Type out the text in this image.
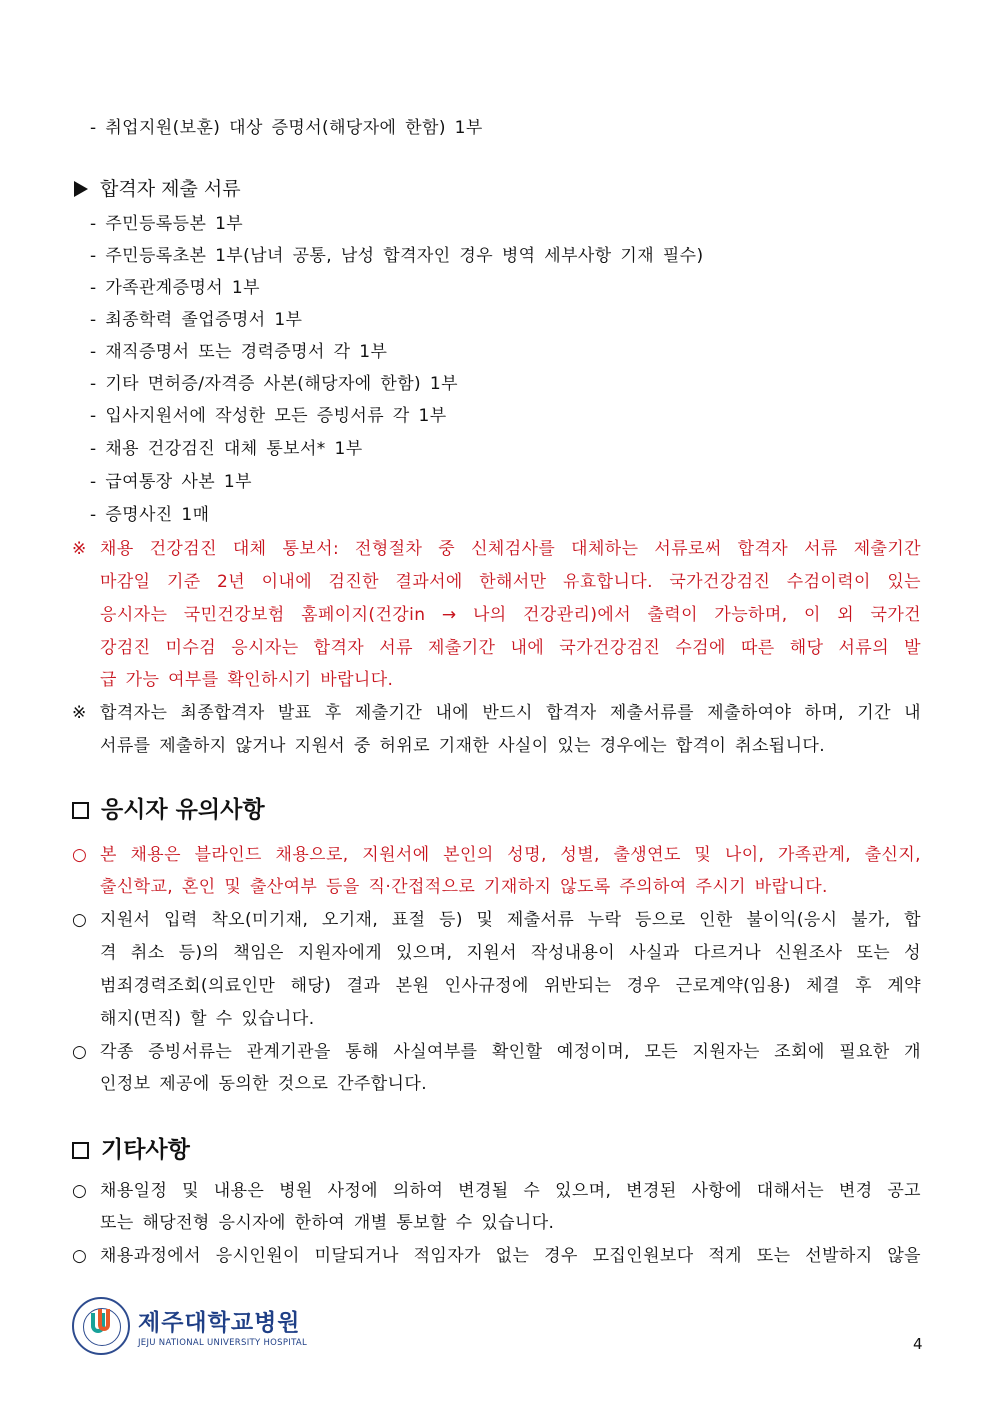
- 취업지원(보훈) 대상 증명서(해당자에 한함) 1부
합격자 제출 서류
- 주민등록등본 1부
- 주민등록초본 1부(남녀 공통, 남성 합격자인 경우 병역 세부사항 기재 필수)
- 가족관계증명서 1부
- 최종학력 졸업증명서 1부
- 재직증명서 또는 경력증명서 각 1부
- 기타 면허증/자격증 사본(해당자에 한함) 1부
- 입사지원서에 작성한 모든 증빙서류 각 1부
- 채용 건강검진 대체 통보서* 1부
- 급여통장 사본 1부
- 증명사진 1매
※ 채용 건강검진 대체 통보서: 전형절차 중 신체검사를 대체하는 서류로써 합격자 서류 제출기간
마감일 기준 2년 이내에 검진한 결과서에 한해서만 유효합니다. 국가건강검진 수검이력이 있는
응시자는 국민건강보험 홈페이지(건강in → 나의 건강관리)에서 출력이 가능하며, 이 외 국가건
강검진 미수검 응시자는 합격자 서류 제출기간 내에 국가건강검진 수검에 따른 해당 서류의 발
급 가능 여부를 확인하시기 바랍니다.
※ 합격자는 최종합격자 발표 후 제출기간 내에 반드시 합격자 제출서류를 제출하여야 하며, 기간 내
서류를 제출하지 않거나 지원서 중 허위로 기재한 사실이 있는 경우에는 합격이 취소됩니다.
응시자 유의사항
○ 본 채용은 블라인드 채용으로, 지원서에 본인의 성명, 성별, 출생연도 및 나이, 가족관계, 출신지,
출신학교, 혼인 및 출산여부 등을 직·간접적으로 기재하지 않도록 주의하여 주시기 바랍니다.
○ 지원서 입력 착오(미기재, 오기재, 표절 등) 및 제출서류 누락 등으로 인한 불이익(응시 불가, 합
격 취소 등)의 책임은 지원자에게 있으며, 지원서 작성내용이 사실과 다르거나 신원조사 또는 성
범죄경력조회(의료인만 해당) 결과 본원 인사규정에 위반되는 경우 근로계약(임용) 체결 후 계약
해지(면직) 할 수 있습니다.
○ 각종 증빙서류는 관계기관을 통해 사실여부를 확인할 예정이며, 모든 지원자는 조회에 필요한 개
인정보 제공에 동의한 것으로 간주합니다.
기타사항
○ 채용일정 및 내용은 병원 사정에 의하여 변경될 수 있으며, 변경된 사항에 대해서는 변경 공고
또는 해당전형 응시자에 한하여 개별 통보할 수 있습니다.
○ 채용과정에서 응시인원이 미달되거나 적임자가 없는 경우 모집인원보다 적게 또는 선발하지 않을
제주대학교병원
JEJU NATIONAL UNIVERSITY HOSPITAL	4
